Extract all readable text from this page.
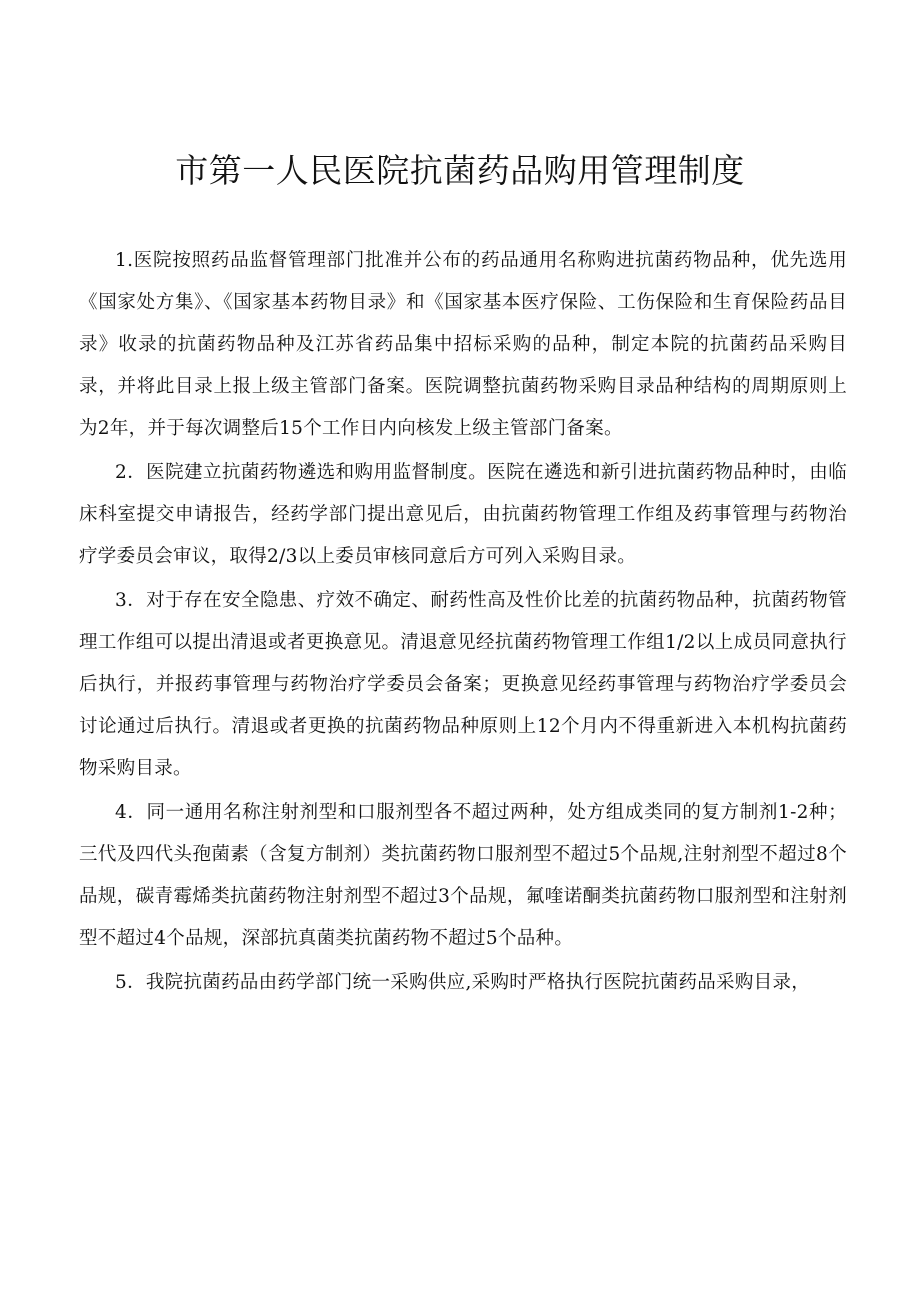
市第一人民医院抗菌药品购用管理制度

1.医院按照药品监督管理部门批准并公布的药品通用名称购进抗菌药物品种，优先选用《国家处方集》、《国家基本药物目录》和《国家基本医疗保险、工伤保险和生育保险药品目录》收录的抗菌药物品种及江苏省药品集中招标采购的品种，制定本院的抗菌药品采购目录，并将此目录上报上级主管部门备案。医院调整抗菌药物采购目录品种结构的周期原则上为2年，并于每次调整后15个工作日内向核发上级主管部门备案。

2．医院建立抗菌药物遴选和购用监督制度。医院在遴选和新引进抗菌药物品种时，由临床科室提交申请报告，经药学部门提出意见后，由抗菌药物管理工作组及药事管理与药物治疗学委员会审议，取得2/3以上委员审核同意后方可列入采购目录。

3．对于存在安全隐患、疗效不确定、耐药性高及性价比差的抗菌药物品种，抗菌药物管理工作组可以提出清退或者更换意见。清退意见经抗菌药物管理工作组1/2以上成员同意执行后执行，并报药事管理与药物治疗学委员会备案；更换意见经药事管理与药物治疗学委员会讨论通过后执行。清退或者更换的抗菌药物品种原则上12个月内不得重新进入本机构抗菌药物采购目录。

4．同一通用名称注射剂型和口服剂型各不超过两种，处方组成类同的复方制剂1-2种；三代及四代头孢菌素（含复方制剂）类抗菌药物口服剂型不超过5个品规,注射剂型不超过8个品规，碳青霉烯类抗菌药物注射剂型不超过3个品规，氟喹诺酮类抗菌药物口服剂型和注射剂型不超过4个品规，深部抗真菌类抗菌药物不超过5个品种。

5．我院抗菌药品由药学部门统一采购供应,采购时严格执行医院抗菌药品采购目录，
